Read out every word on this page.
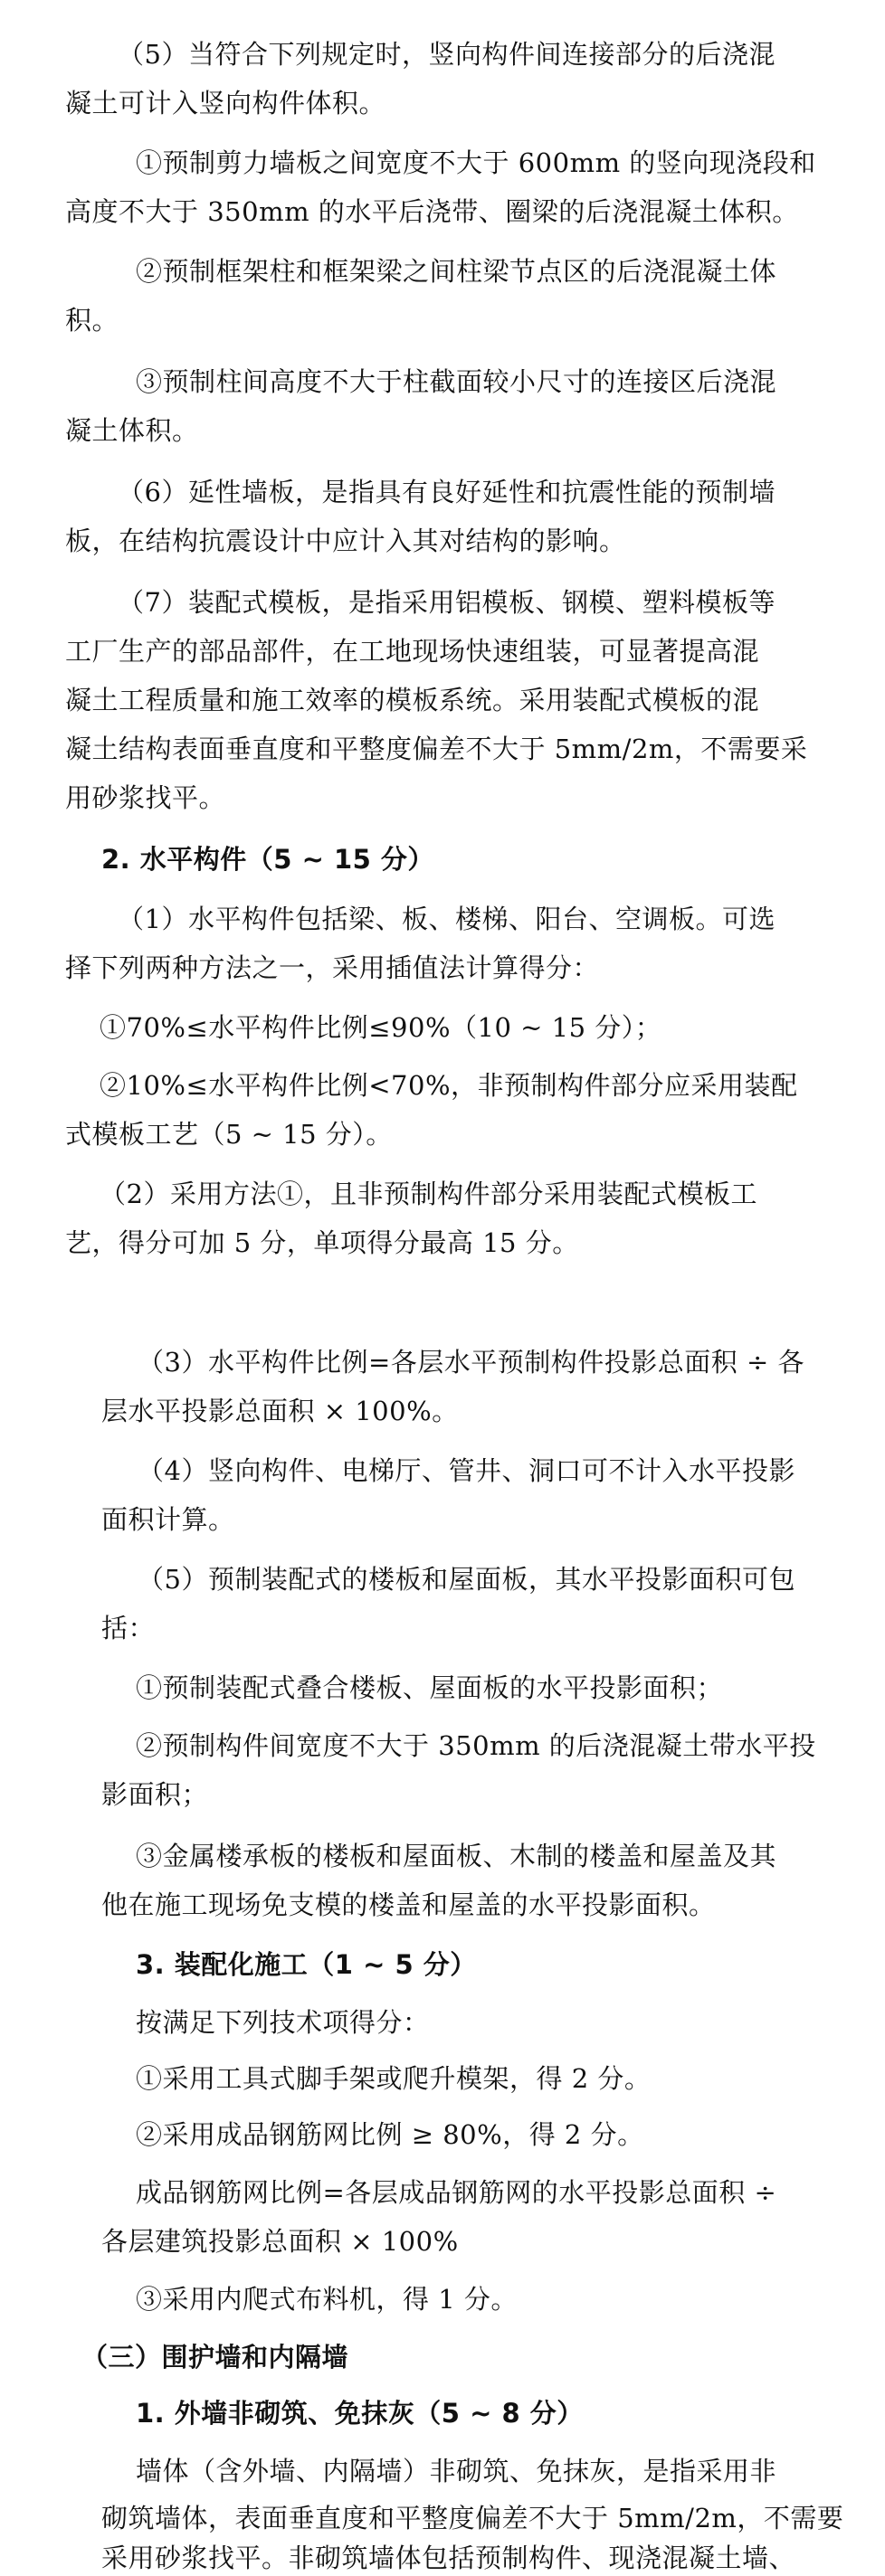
（5）当符合下列规定时，竖向构件间连接部分的后浇混
凝土可计入竖向构件体积。
①预制剪力墙板之间宽度不大于 600mm 的竖向现浇段和
高度不大于 350mm 的水平后浇带、圈梁的后浇混凝土体积。
②预制框架柱和框架梁之间柱梁节点区的后浇混凝土体
积。
③预制柱间高度不大于柱截面较小尺寸的连接区后浇混
凝土体积。
（6）延性墙板，是指具有良好延性和抗震性能的预制墙
板，在结构抗震设计中应计入其对结构的影响。
（7）装配式模板，是指采用铝模板、钢模、塑料模板等
工厂生产的部品部件，在工地现场快速组装，可显著提高混
凝土工程质量和施工效率的模板系统。采用装配式模板的混
凝土结构表面垂直度和平整度偏差不大于 5mm/2m，不需要采
用砂浆找平。
2. 水平构件（5 ~ 15 分）
（1）水平构件包括梁、板、楼梯、阳台、空调板。可选
择下列两种方法之一，采用插值法计算得分：
①70%≤水平构件比例≤90%（10 ~ 15 分）；
②10%≤水平构件比例<70%，非预制构件部分应采用装配
式模板工艺（5 ~ 15 分）。
（2）采用方法①，且非预制构件部分采用装配式模板工
艺，得分可加 5 分，单项得分最高 15 分。
（3）水平构件比例=各层水平预制构件投影总面积 ÷ 各
层水平投影总面积 × 100%。
（4）竖向构件、电梯厅、管井、洞口可不计入水平投影
面积计算。
（5）预制装配式的楼板和屋面板，其水平投影面积可包
括：
①预制装配式叠合楼板、屋面板的水平投影面积；
②预制构件间宽度不大于 350mm 的后浇混凝土带水平投
影面积；
③金属楼承板的楼板和屋面板、木制的楼盖和屋盖及其
他在施工现场免支模的楼盖和屋盖的水平投影面积。
3. 装配化施工（1 ~ 5 分）
按满足下列技术项得分：
①采用工具式脚手架或爬升模架，得 2 分。
②采用成品钢筋网比例 ≥ 80%，得 2 分。
成品钢筋网比例=各层成品钢筋网的水平投影总面积 ÷
各层建筑投影总面积 × 100%
③采用内爬式布料机，得 1 分。
（三）围护墙和内隔墙
1. 外墙非砌筑、免抹灰（5 ~ 8 分）
墙体（含外墙、内隔墙）非砌筑、免抹灰，是指采用非
砌筑墙体，表面垂直度和平整度偏差不大于 5mm/2m，不需要
采用砂浆找平。非砌筑墙体包括预制构件、现浇混凝土墙、
